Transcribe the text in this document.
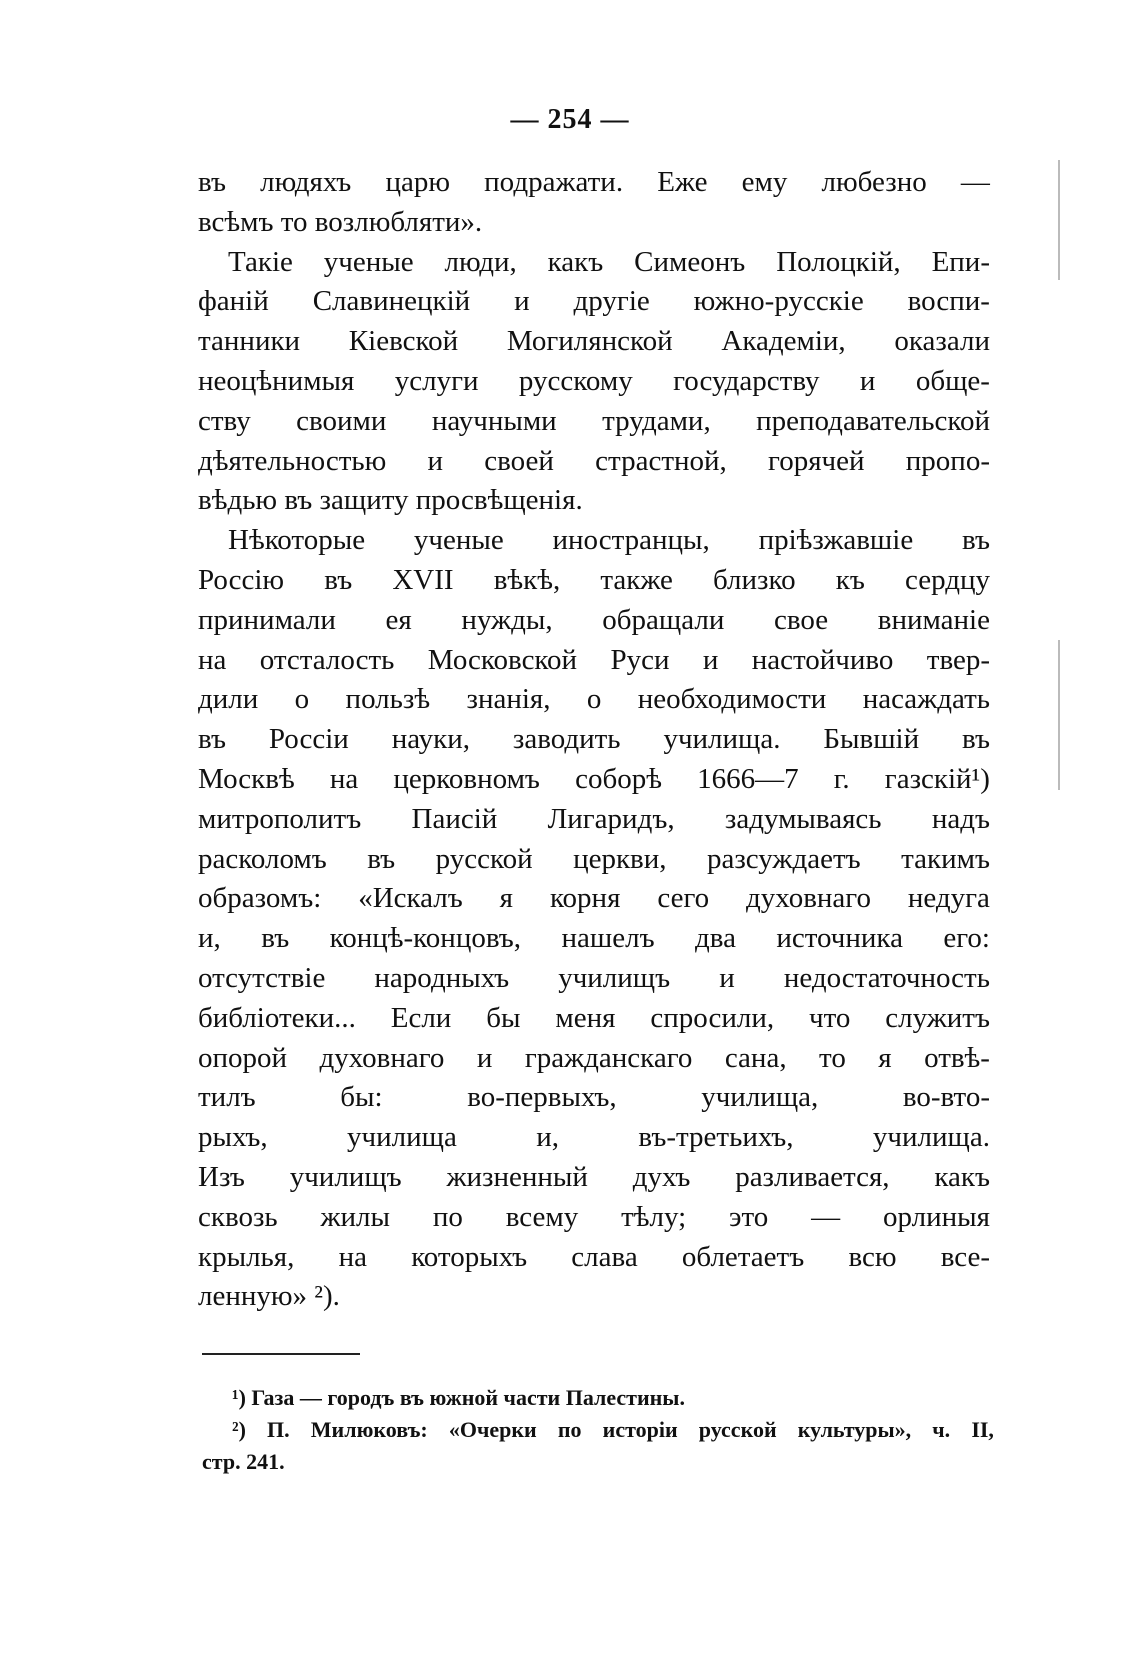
— 254 —
въ людяхъ царю подражати. Еже ему любезно —
всѣмъ то возлюбляти».
Такіе ученые люди, какъ Симеонъ Полоцкій, Епи-
фаній Славинецкій и другіе южно-русскіе воспи-
танники Кіевской Могилянской Академіи, оказали
неоцѣнимыя услуги русскому государству и обще-
ству своими научными трудами, преподавательской
дѣятельностью и своей страстной, горячей пропо-
вѣдью въ защиту просвѣщенія.
Нѣкоторые ученые иностранцы, пріѣзжавшіе въ
Россію въ XVII вѣкѣ, также близко къ сердцу
принимали ея нужды, обращали свое вниманіе
на отсталость Московской Руси и настойчиво твер-
дили о пользѣ знанія, о необходимости насаждать
въ Россіи науки, заводить училища. Бывшій въ
Москвѣ на церковномъ соборѣ 1666—7 г. газскій¹)
митрополитъ Паисій Лигаридъ, задумываясь надъ
расколомъ въ русской церкви, разсуждаетъ такимъ
образомъ: «Искалъ я корня сего духовнаго недуга
и, въ концѣ-концовъ, нашелъ два источника его:
отсутствіе народныхъ училищъ и недостаточность
библіотеки... Если бы меня спросили, что служитъ
опорой духовнаго и гражданскаго сана, то я отвѣ-
тилъ	бы:	во-первыхъ,	училища,	во-вто-
рыхъ,	училища	и,	въ-третьихъ,	училища.
Изъ училищъ жизненный духъ разливается, какъ
сквозь жилы по всему тѣлу; это — орлиныя
крылья, на которыхъ слава облетаетъ всю все-
ленную» ²).
¹) Газа — городъ въ южной части Палестины.
²) П. Милюковъ: «Очерки по исторіи русской культуры», ч. II,
стр. 241.
